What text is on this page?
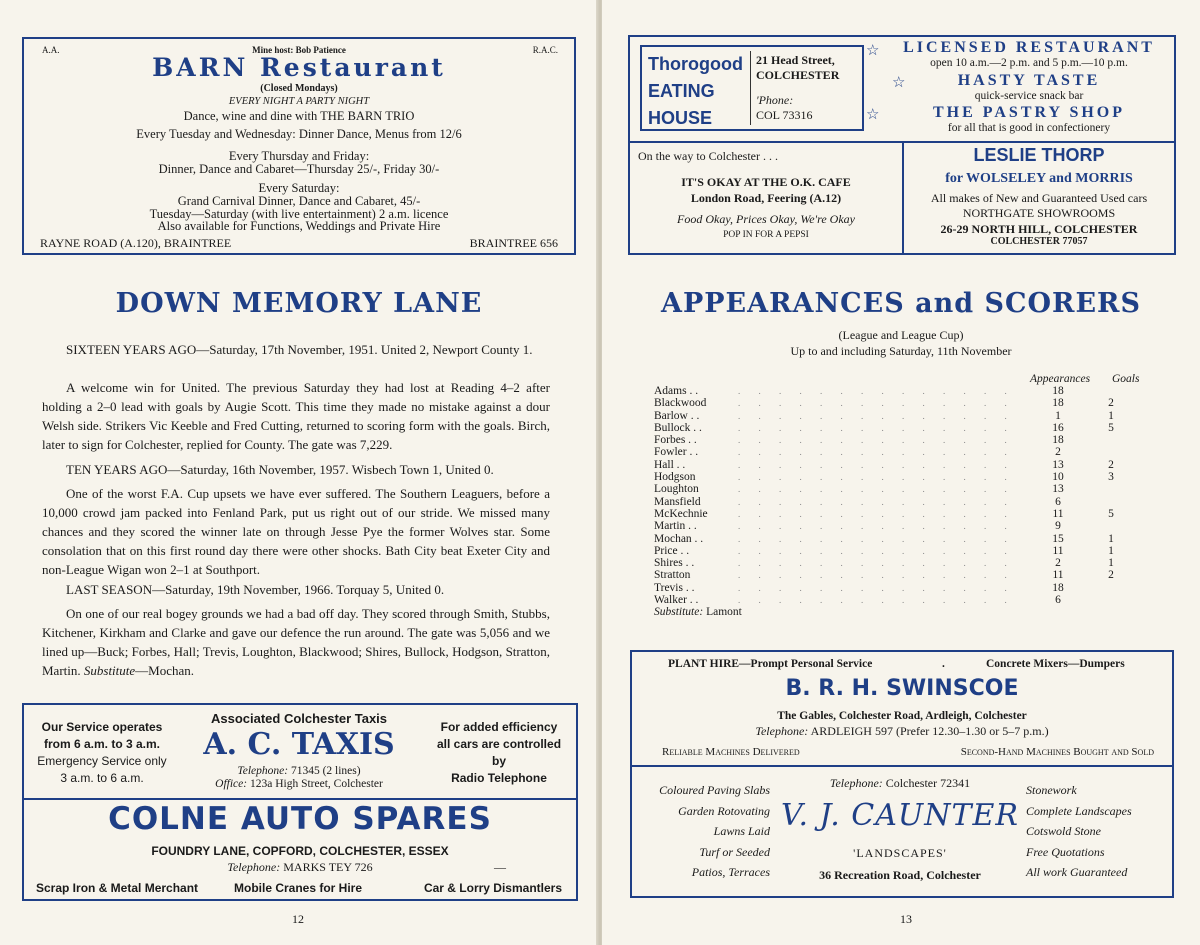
A.A.	Mine host: Bob Patience	R.A.C.
BARN Restaurant
(Closed Mondays)
EVERY NIGHT A PARTY NIGHT
Dance, wine and dine with THE BARN TRIO
Every Tuesday and Wednesday: Dinner Dance, Menus from 12/6
Every Thursday and Friday:
Dinner, Dance and Cabaret—Thursday 25/-, Friday 30/-
Every Saturday:
Grand Carnival Dinner, Dance and Cabaret, 45/-
Tuesday—Saturday (with live entertainment) 2 a.m. licence
Also available for Functions, Weddings and Private Hire
RAYNE ROAD (A.120), BRAINTREE	BRAINTREE 656
DOWN MEMORY LANE

SIXTEEN YEARS AGO—Saturday, 17th November, 1951. United 2, Newport County 1.

A welcome win for United. The previous Saturday they had lost at Reading 4–2 after holding a 2–0 lead with goals by Augie Scott. This time they made no mistake against a dour Welsh side. Strikers Vic Keeble and Fred Cutting, returned to scoring form with the goals. Birch, later to sign for Colchester, replied for County. The gate was 7,229.

TEN YEARS AGO—Saturday, 16th November, 1957. Wisbech Town 1, United 0.

One of the worst F.A. Cup upsets we have ever suffered. The Southern Leaguers, before a 10,000 crowd jam packed into Fenland Park, put us right out of our stride. We missed many chances and they scored the winner late on through Jesse Pye the former Wolves star. Some consolation that on this first round day there were other shocks. Bath City beat Exeter City and non-League Wigan won 2–1 at Southport.

LAST SEASON—Saturday, 19th November, 1966. Torquay 5, United 0.

On one of our real bogey grounds we had a bad off day. They scored through Smith, Stubbs, Kitchener, Kirkham and Clarke and gave our defence the run around. The gate was 5,056 and we lined up—Buck; Forbes, Hall; Trevis, Loughton, Blackwood; Shires, Bullock, Hodgson, Stratton, Martin. Substitute—Mochan.

Our Service operates
from 6 a.m. to 3 a.m.
Emergency Service only
3 a.m. to 6 a.m.
Associated Colchester Taxis
A. C. TAXIS
Telephone: 71345 (2 lines)
Office: 123a High Street, Colchester
For added efficiency
all cars are controlled
by
Radio Telephone
COLNE AUTO SPARES
FOUNDRY LANE, COPFORD, COLCHESTER, ESSEX
Telephone: MARKS TEY 726	—
Scrap Iron & Metal Merchant	Mobile Cranes for Hire	Car & Lorry Dismantlers
12
Thorogood
EATING
HOUSE
21 Head Street,
COLCHESTER
'Phone:
COL 73316
☆	LICENSED RESTAURANT
open 10 a.m.—2 p.m. and 5 p.m.—10 p.m.
☆	HASTY TASTE
quick-service snack bar
☆	THE PASTRY SHOP
for all that is good in confectionery
On the way to Colchester . . .
IT'S OKAY AT THE O.K. CAFE
London Road, Feering (A.12)
Food Okay, Prices Okay, We're Okay
POP IN FOR A PEPSI
LESLIE THORP
for WOLSELEY and MORRIS
All makes of New and Guaranteed Used cars
NORTHGATE SHOWROOMS
26-29 NORTH HILL, COLCHESTER
COLCHESTER 77057
APPEARANCES and SCORERS
(League and League Cup)
Up to and including Saturday, 11th November
Appearances Goals
Adams . .	. . . . . . . . . . . . . .	18	
Blackwood	. . . . . . . . . . . . . .	18	2
Barlow . .	. . . . . . . . . . . . . .	1	1
Bullock . .	. . . . . . . . . . . . . .	16	5
Forbes . .	. . . . . . . . . . . . . .	18	
Fowler . .	. . . . . . . . . . . . . .	2	
Hall . .	. . . . . . . . . . . . . .	13	2
Hodgson	. . . . . . . . . . . . . .	10	3
Loughton	. . . . . . . . . . . . . .	13	
Mansfield	. . . . . . . . . . . . . .	6	
McKechnie	. . . . . . . . . . . . . .	11	5
Martin . .	. . . . . . . . . . . . . .	9	
Mochan . .	. . . . . . . . . . . . . .	15	1
Price . .	. . . . . . . . . . . . . .	11	1
Shires . .	. . . . . . . . . . . . . .	2	1
Stratton	. . . . . . . . . . . . . .	11	2
Trevis . .	. . . . . . . . . . . . . .	18	
Walker . .	. . . . . . . . . . . . . .	6	
Substitute: Lamont
PLANT HIRE—Prompt Personal Service	.	Concrete Mixers—Dumpers
B. R. H. SWINSCOE
The Gables, Colchester Road, Ardleigh, Colchester
Telephone: ARDLEIGH 597 (Prefer 12.30–1.30 or 5–7 p.m.)
Reliable Machines Delivered	Second-Hand Machines Bought and Sold
Coloured Paving Slabs
Garden Rotovating
Lawns Laid
Turf or Seeded
Patios, Terraces
Telephone: Colchester 72341
V. J. CAUNTER
'LANDSCAPES'
36 Recreation Road, Colchester
Stonework
Complete Landscapes
Cotswold Stone
Free Quotations
All work Guaranteed
13
